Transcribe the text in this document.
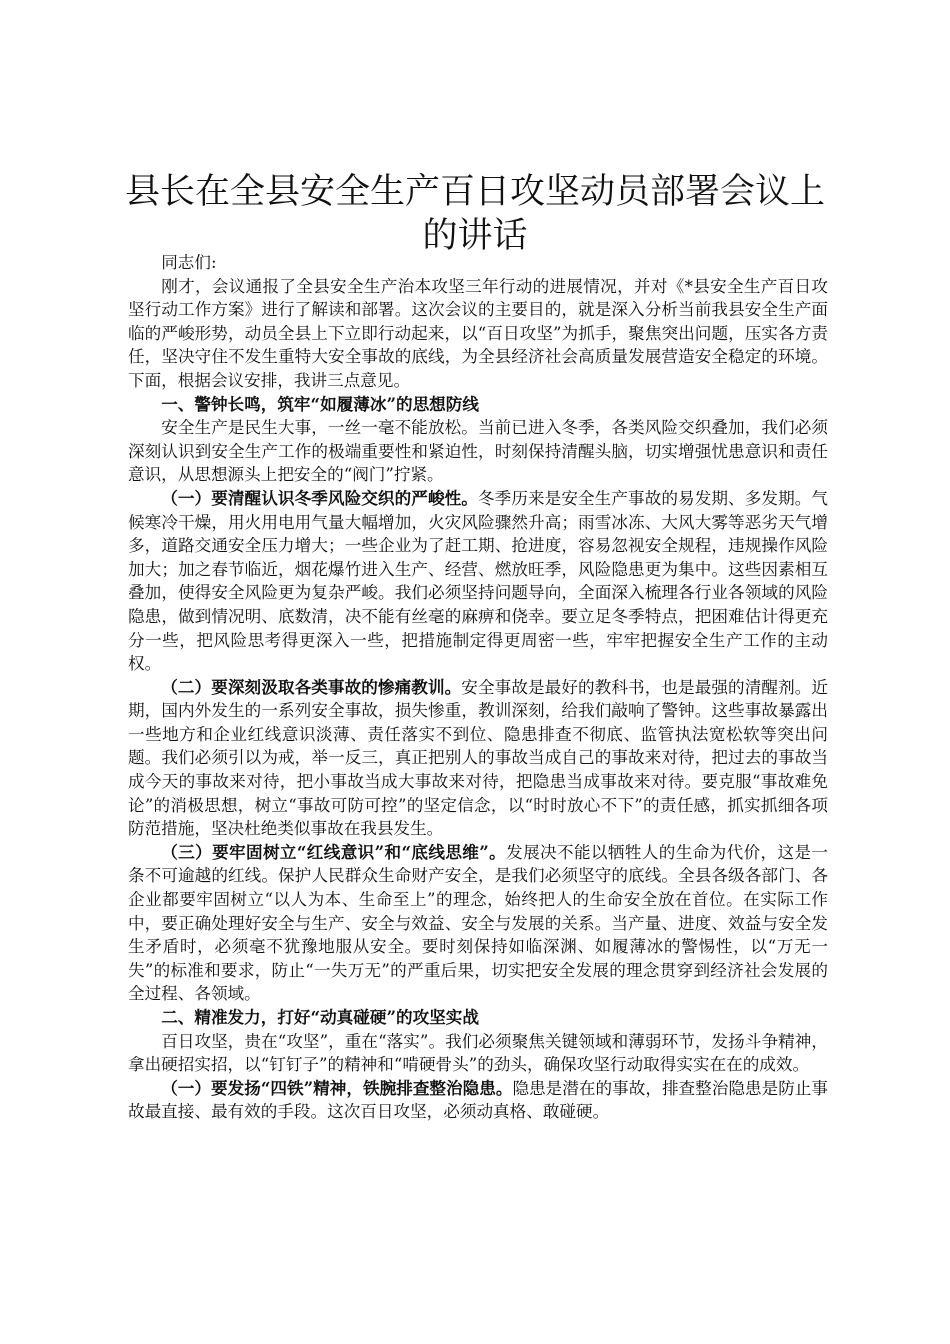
县长在全县安全生产百日攻坚动员部署会议上的讲话

同志们:

刚才，会议通报了全县安全生产治本攻坚三年行动的进展情况，并对《*县安全生产百日攻坚行动工作方案》进行了解读和部署。这次会议的主要目的，就是深入分析当前我县安全生产面临的严峻形势，动员全县上下立即行动起来，以“百日攻坚”为抓手，聚焦突出问题，压实各方责任，坚决守住不发生重特大安全事故的底线，为全县经济社会高质量发展营造安全稳定的环境。下面，根据会议安排，我讲三点意见。

一、警钟长鸣，筑牢“如履薄冰”的思想防线

安全生产是民生大事，一丝一毫不能放松。当前已进入冬季，各类风险交织叠加，我们必须深刻认识到安全生产工作的极端重要性和紧迫性，时刻保持清醒头脑，切实增强忧患意识和责任意识，从思想源头上把安全的“阀门”拧紧。

（一）要清醒认识冬季风险交织的严峻性。冬季历来是安全生产事故的易发期、多发期。气候寒冷干燥，用火用电用气量大幅增加，火灾风险骤然升高；雨雪冰冻、大风大雾等恶劣天气增多，道路交通安全压力增大；一些企业为了赶工期、抢进度，容易忽视安全规程，违规操作风险加大；加之春节临近，烟花爆竹进入生产、经营、燃放旺季，风险隐患更为集中。这些因素相互叠加，使得安全风险更为复杂严峻。我们必须坚持问题导向，全面深入梳理各行业各领域的风险隐患，做到情况明、底数清，决不能有丝毫的麻痹和侥幸。要立足冬季特点，把困难估计得更充分一些，把风险思考得更深入一些，把措施制定得更周密一些，牢牢把握安全生产工作的主动权。

（二）要深刻汲取各类事故的惨痛教训。安全事故是最好的教科书，也是最强的清醒剂。近期，国内外发生的一系列安全事故，损失惨重，教训深刻，给我们敲响了警钟。这些事故暴露出一些地方和企业红线意识淡薄、责任落实不到位、隐患排查不彻底、监管执法宽松软等突出问题。我们必须引以为戒，举一反三，真正把别人的事故当成自己的事故来对待，把过去的事故当成今天的事故来对待，把小事故当成大事故来对待，把隐患当成事故来对待。要克服“事故难免论”的消极思想，树立“事故可防可控”的坚定信念，以“时时放心不下”的责任感，抓实抓细各项防范措施，坚决杜绝类似事故在我县发生。

（三）要牢固树立“红线意识”和“底线思维”。发展决不能以牺牲人的生命为代价，这是一条不可逾越的红线。保护人民群众生命财产安全，是我们必须坚守的底线。全县各级各部门、各企业都要牢固树立“以人为本、生命至上”的理念，始终把人的生命安全放在首位。在实际工作中，要正确处理好安全与生产、安全与效益、安全与发展的关系。当产量、进度、效益与安全发生矛盾时，必须毫不犹豫地服从安全。要时刻保持如临深渊、如履薄冰的警惕性，以“万无一失”的标准和要求，防止“一失万无”的严重后果，切实把安全发展的理念贯穿到经济社会发展的全过程、各领域。

二、精准发力，打好“动真碰硬”的攻坚实战

百日攻坚，贵在“攻坚”，重在“落实”。我们必须聚焦关键领域和薄弱环节，发扬斗争精神，拿出硬招实招，以“钉钉子”的精神和“啃硬骨头”的劲头，确保攻坚行动取得实实在在的成效。

（一）要发扬“四铁”精神，铁腕排查整治隐患。隐患是潜在的事故，排查整治隐患是防止事故最直接、最有效的手段。这次百日攻坚，必须动真格、敢碰硬。
